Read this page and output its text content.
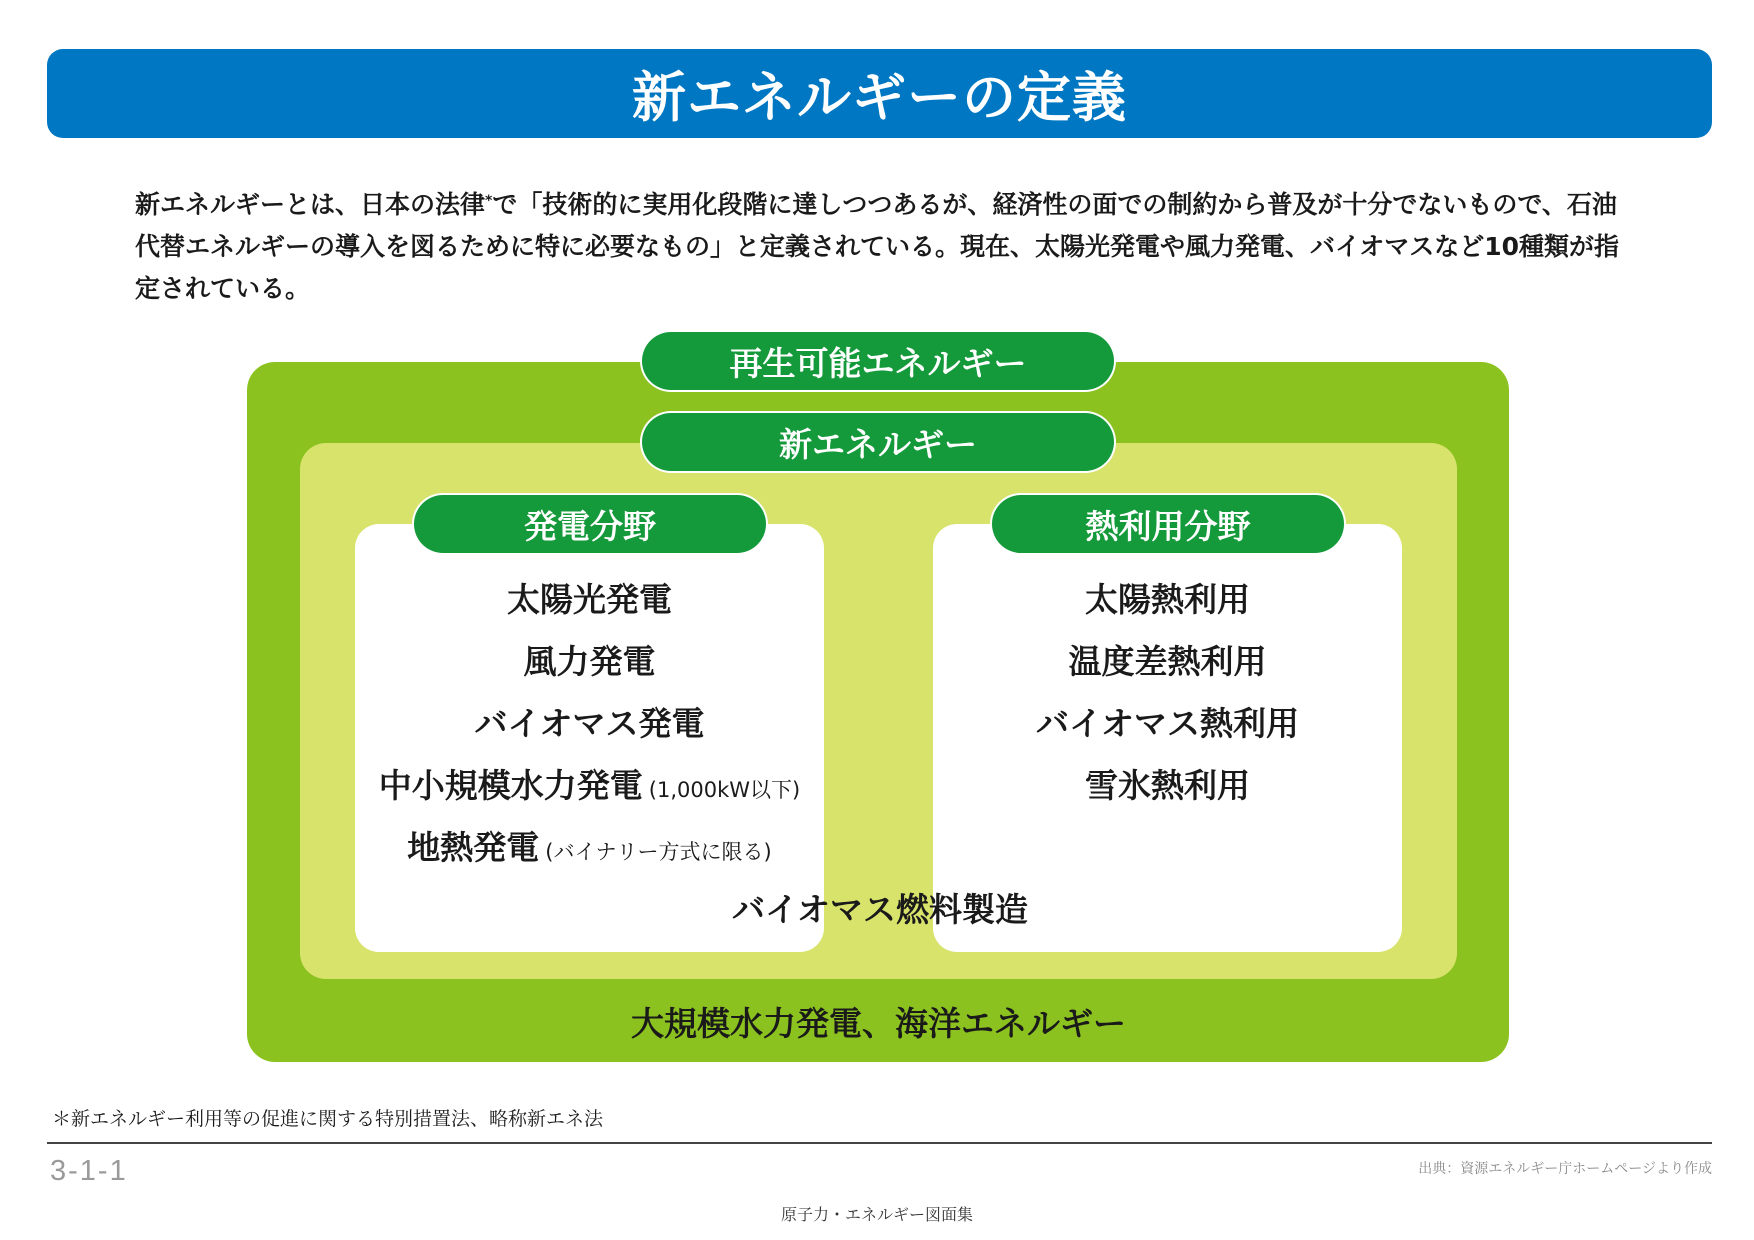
新エネルギーの定義
新エネルギーとは、日本の法律*で「技術的に実用化段階に達しつつあるが、経済性の面での制約から普及が十分でないもので、石油代替エネルギーの導入を図るために特に必要なもの」と定義されている。現在、太陽光発電や風力発電、バイオマスなど10種類が指定されている。
再生可能エネルギー
新エネルギー
発電分野	熱利用分野
太陽光発電
風力発電
バイオマス発電
中小規模水力発電 (1,000kW以下)
地熱発電 (バイナリー方式に限る)
太陽熱利用
温度差熱利用
バイオマス熱利用
雪氷熱利用
バイオマス燃料製造
大規模水力発電、海洋エネルギー
＊新エネルギー利用等の促進に関する特別措置法、略称新エネ法
3-1-1	出典：資源エネルギー庁ホームページより作成
原子力・エネルギー図面集
